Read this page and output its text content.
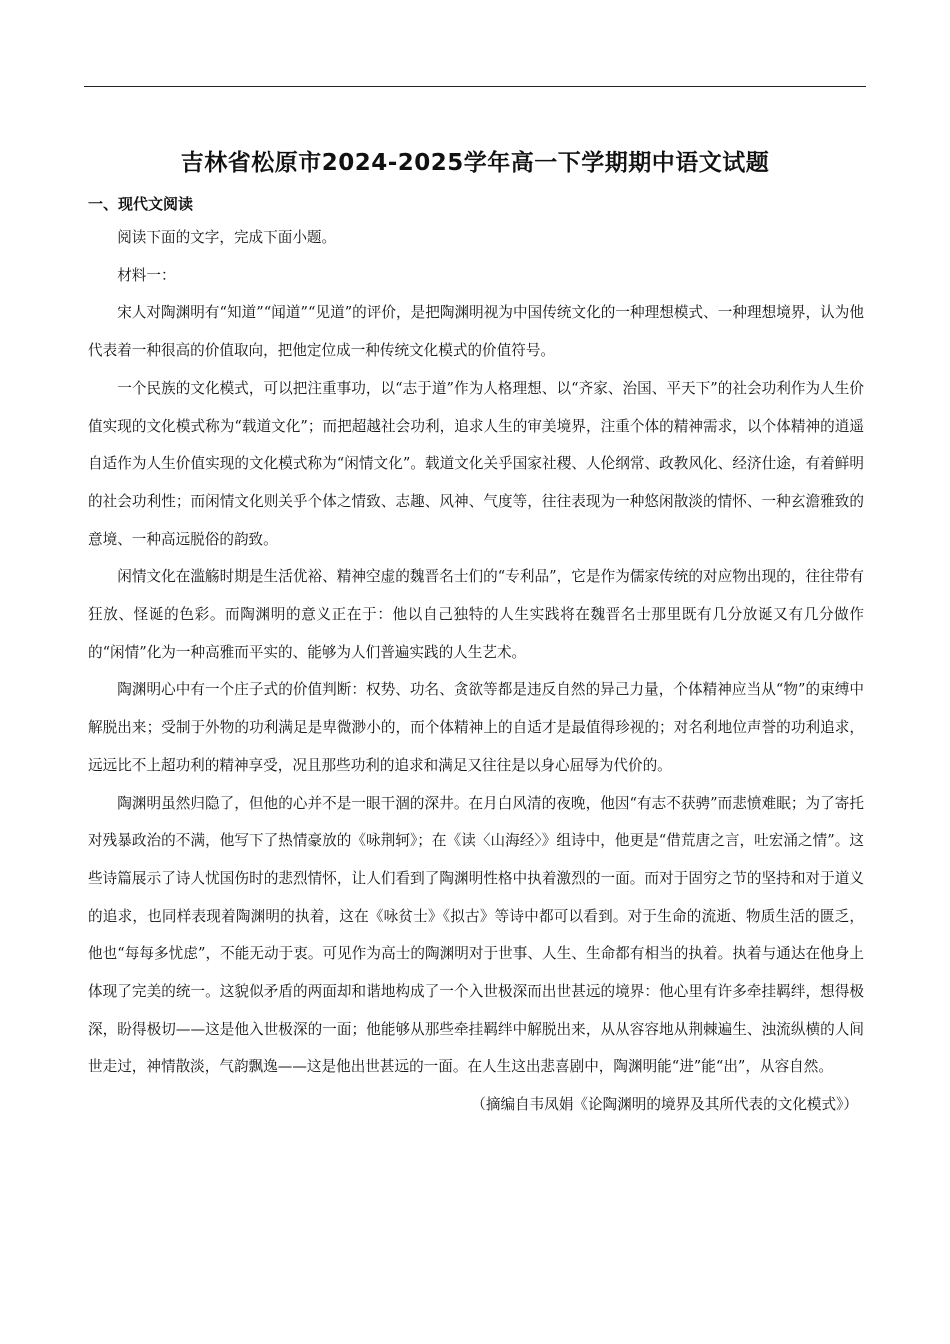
吉林省松原市2024-2025学年高一下学期期中语文试题
一、现代文阅读

阅读下面的文字，完成下面小题。

材料一：

宋人对陶渊明有“知道”“闻道”“见道”的评价，是把陶渊明视为中国传统文化的一种理想模式、一种理想境界，认为他代表着一种很高的价值取向，把他定位成一种传统文化模式的价值符号。

一个民族的文化模式，可以把注重事功，以“志于道”作为人格理想、以“齐家、治国、平天下”的社会功利作为人生价值实现的文化模式称为“载道文化”；而把超越社会功利，追求人生的审美境界，注重个体的精神需求，以个体精神的逍遥自适作为人生价值实现的文化模式称为“闲情文化”。载道文化关乎国家社稷、人伦纲常、政教风化、经济仕途，有着鲜明的社会功利性；而闲情文化则关乎个体之情致、志趣、风神、气度等，往往表现为一种悠闲散淡的情怀、一种玄澹雅致的意境、一种高远脱俗的韵致。

闲情文化在滥觞时期是生活优裕、精神空虚的魏晋名士们的“专利品”，它是作为儒家传统的对应物出现的，往往带有狂放、怪诞的色彩。而陶渊明的意义正在于：他以自己独特的人生实践将在魏晋名士那里既有几分放诞又有几分做作的“闲情”化为一种高雅而平实的、能够为人们普遍实践的人生艺术。

陶渊明心中有一个庄子式的价值判断：权势、功名、贪欲等都是违反自然的异己力量，个体精神应当从“物”的束缚中解脱出来；受制于外物的功利满足是卑微渺小的，而个体精神上的自适才是最值得珍视的；对名利地位声誉的功利追求，远远比不上超功利的精神享受，况且那些功利的追求和满足又往往是以身心屈辱为代价的。

陶渊明虽然归隐了，但他的心并不是一眼干涸的深井。在月白风清的夜晚，他因“有志不获骋”而悲愤难眠；为了寄托对残暴政治的不满，他写下了热情豪放的《咏荆轲》；在《读〈山海经〉》组诗中，他更是“借荒唐之言，吐宏涌之情”。这些诗篇展示了诗人忧国伤时的悲烈情怀，让人们看到了陶渊明性格中执着激烈的一面。而对于固穷之节的坚持和对于道义的追求，也同样表现着陶渊明的执着，这在《咏贫士》《拟古》等诗中都可以看到。对于生命的流逝、物质生活的匮乏，他也“每每多忧虑”，不能无动于衷。可见作为高士的陶渊明对于世事、人生、生命都有相当的执着。执着与通达在他身上体现了完美的统一。这貌似矛盾的两面却和谐地构成了一个入世极深而出世甚远的境界：他心里有许多牵挂羁绊，想得极深，盼得极切——这是他入世极深的一面；他能够从那些牵挂羁绊中解脱出来，从从容容地从荆棘遍生、浊流纵横的人间世走过，神情散淡，气韵飘逸——这是他出世甚远的一面。在人生这出悲喜剧中，陶渊明能“进”能“出”，从容自然。

（摘编自韦凤娟《论陶渊明的境界及其所代表的文化模式》）
